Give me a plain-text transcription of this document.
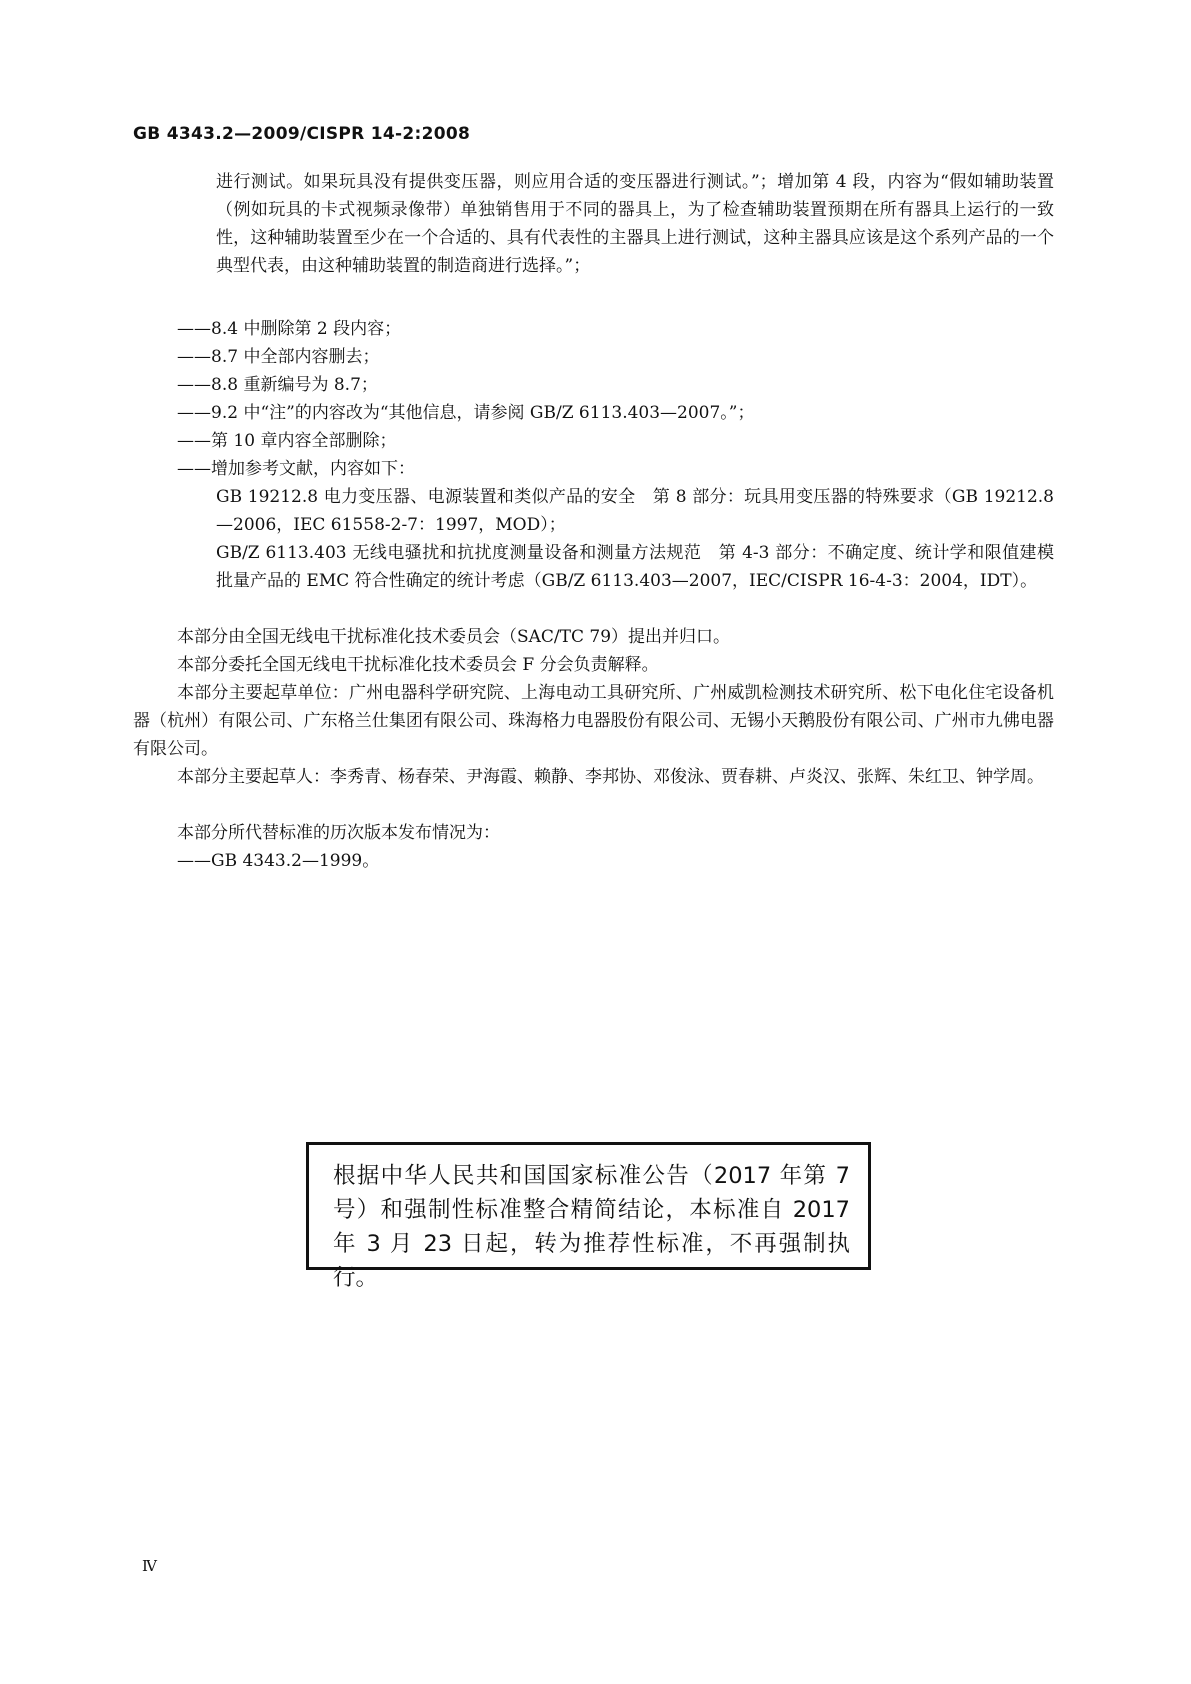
GB 4343.2—2009/CISPR 14-2:2008
进行测试。如果玩具没有提供变压器，则应用合适的变压器进行测试。”；增加第 4 段，内容为“假如辅助装置（例如玩具的卡式视频录像带）单独销售用于不同的器具上，为了检查辅助装置预期在所有器具上运行的一致性，这种辅助装置至少在一个合适的、具有代表性的主器具上进行测试，这种主器具应该是这个系列产品的一个典型代表，由这种辅助装置的制造商进行选择。”；
——8.4 中删除第 2 段内容；
——8.7 中全部内容删去；
——8.8 重新编号为 8.7；
——9.2 中“注”的内容改为“其他信息，请参阅 GB/Z 6113.403—2007。”；
——第 10 章内容全部删除；
——增加参考文献，内容如下：
GB 19212.8 电力变压器、电源装置和类似产品的安全　第 8 部分：玩具用变压器的特殊要求（GB 19212.8—2006，IEC 61558-2-7：1997，MOD）；
GB/Z 6113.403 无线电骚扰和抗扰度测量设备和测量方法规范　第 4-3 部分：不确定度、统计学和限值建模　批量产品的 EMC 符合性确定的统计考虑（GB/Z 6113.403—2007，IEC/CISPR 16-4-3：2004，IDT）。
本部分由全国无线电干扰标准化技术委员会（SAC/TC 79）提出并归口。
本部分委托全国无线电干扰标准化技术委员会 F 分会负责解释。
本部分主要起草单位：广州电器科学研究院、上海电动工具研究所、广州威凯检测技术研究所、松下电化住宅设备机器（杭州）有限公司、广东格兰仕集团有限公司、珠海格力电器股份有限公司、无锡小天鹅股份有限公司、广州市九佛电器有限公司。
本部分主要起草人：李秀青、杨春荣、尹海霞、赖静、李邦协、邓俊泳、贾春耕、卢炎汉、张辉、朱红卫、钟学周。
本部分所代替标准的历次版本发布情况为：
——GB 4343.2—1999。
根据中华人民共和国国家标准公告（2017 年第 7 号）和强制性标准整合精简结论，本标准自 2017 年 3 月 23 日起，转为推荐性标准，不再强制执行。
Ⅳ
